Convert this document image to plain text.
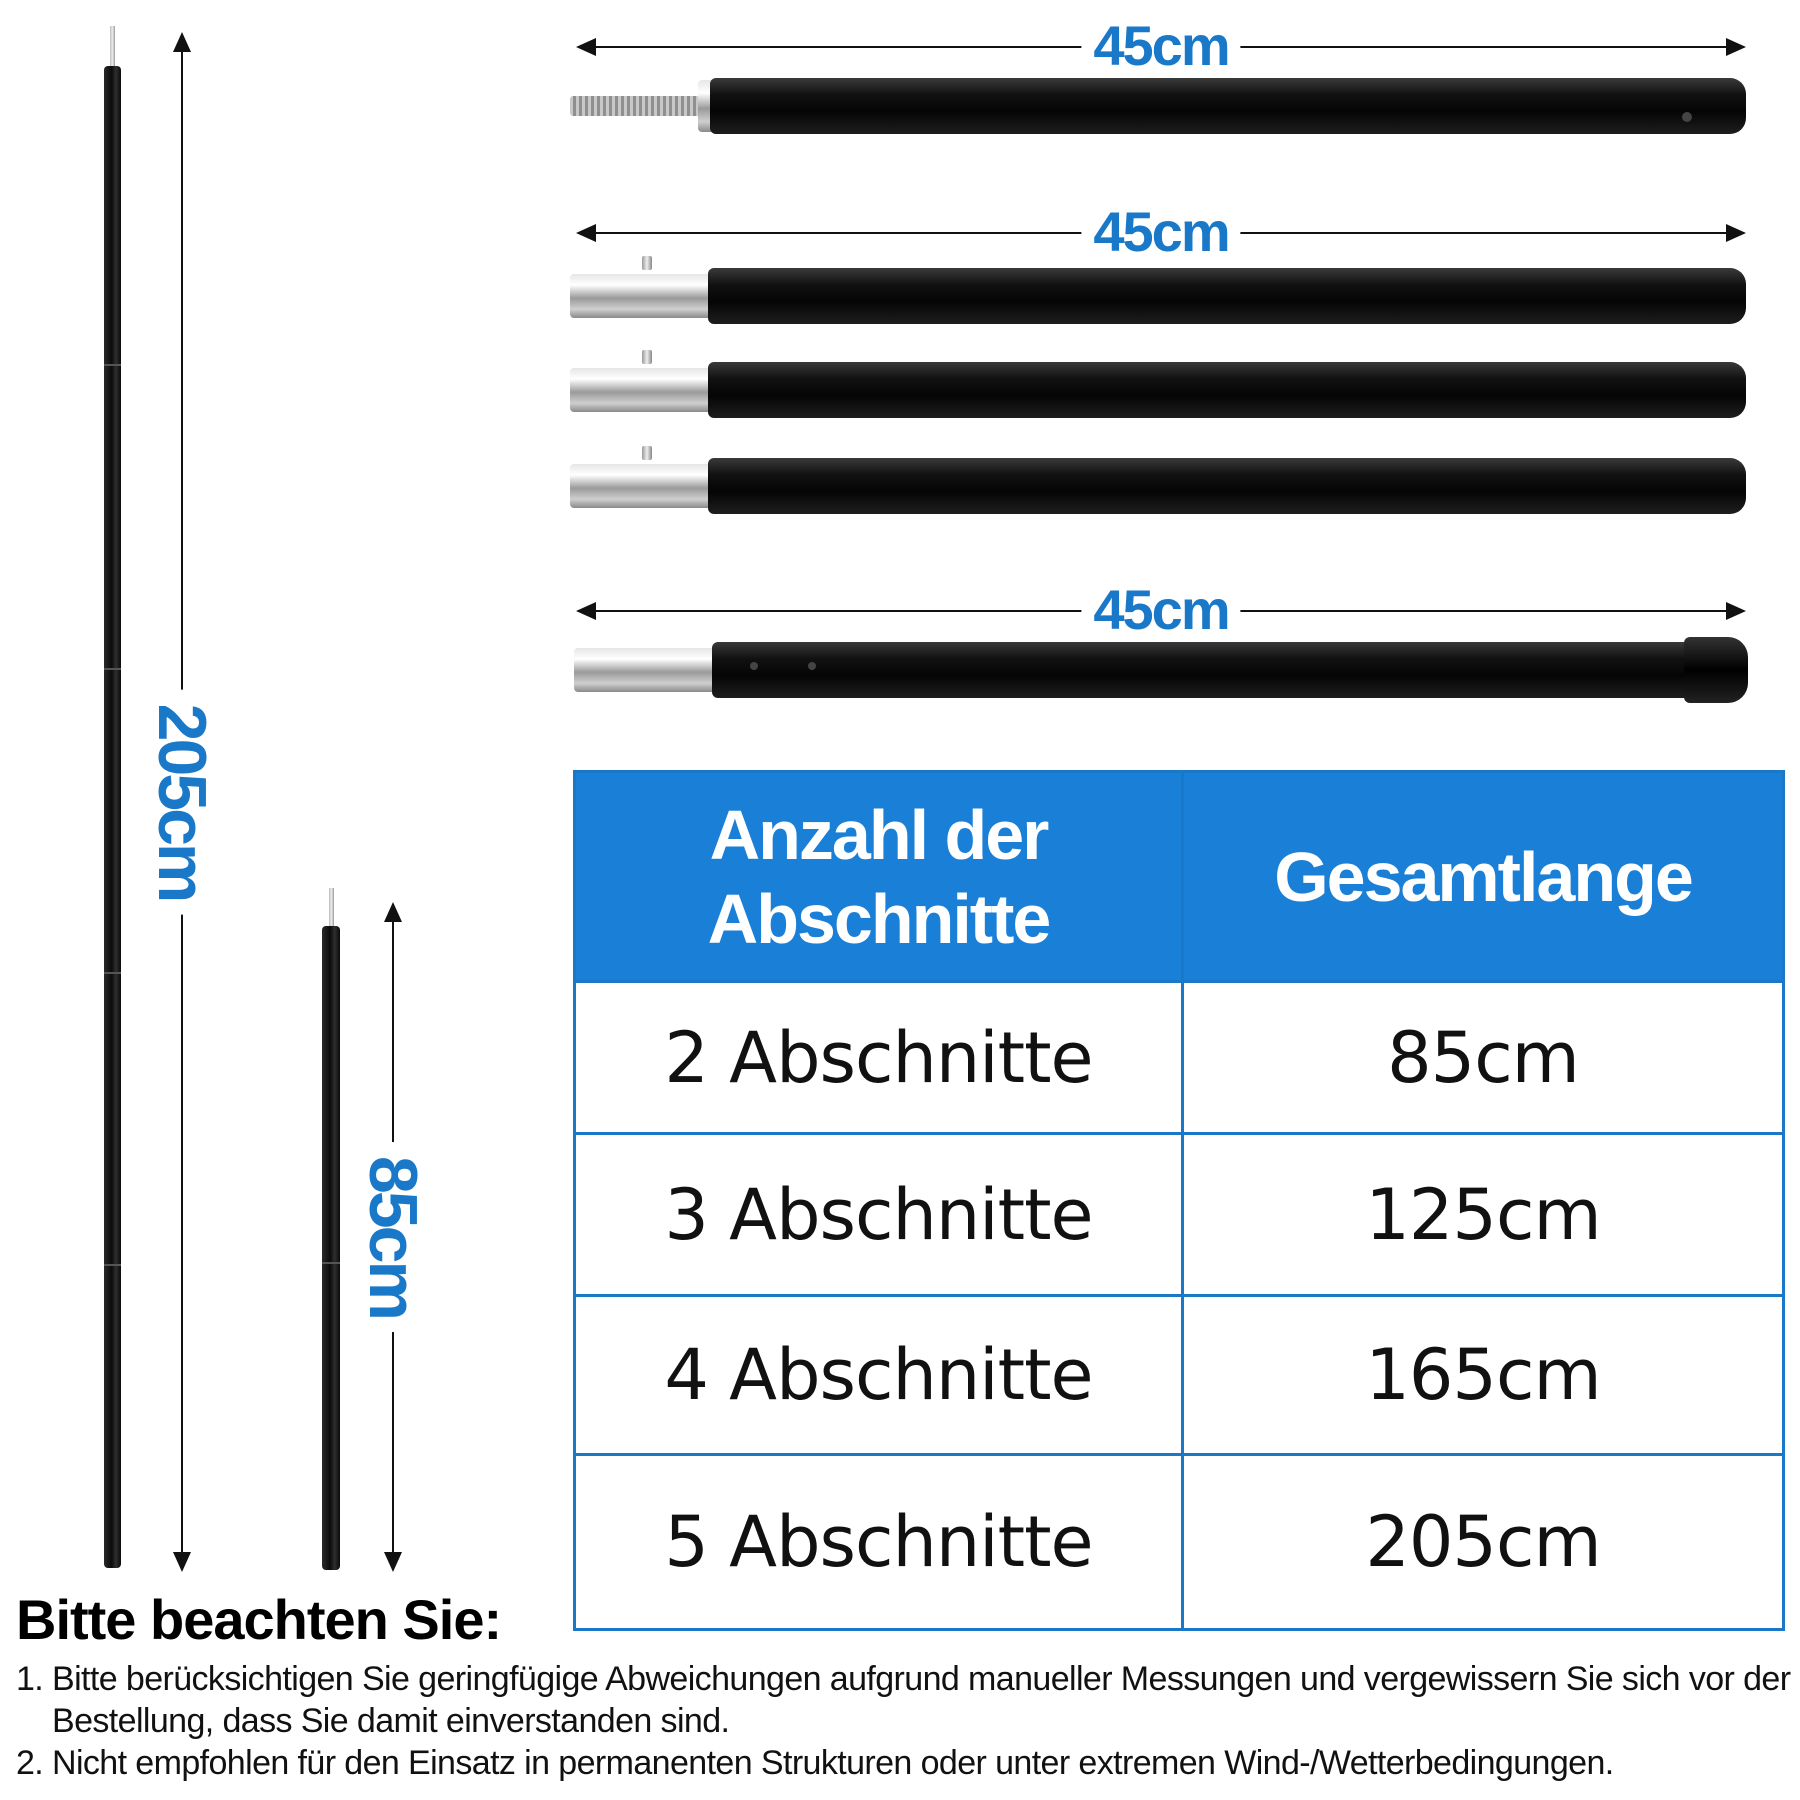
205cm
85cm
45cm
45cm
45cm
Anzahl der Abschnitte	Gesamtlange
2 Abschnitte	85cm
3 Abschnitte	125cm
4 Abschnitte	165cm
5 Abschnitte	205cm
Bitte beachten Sie:
1. Bitte berücksichtigen Sie geringfügige Abweichungen aufgrund manueller Messungen und vergewissern Sie sich vor der Bestellung, dass Sie damit einverstanden sind.
2. Nicht empfohlen für den Einsatz in permanenten Strukturen oder unter extremen Wind-/Wetterbedingungen.
